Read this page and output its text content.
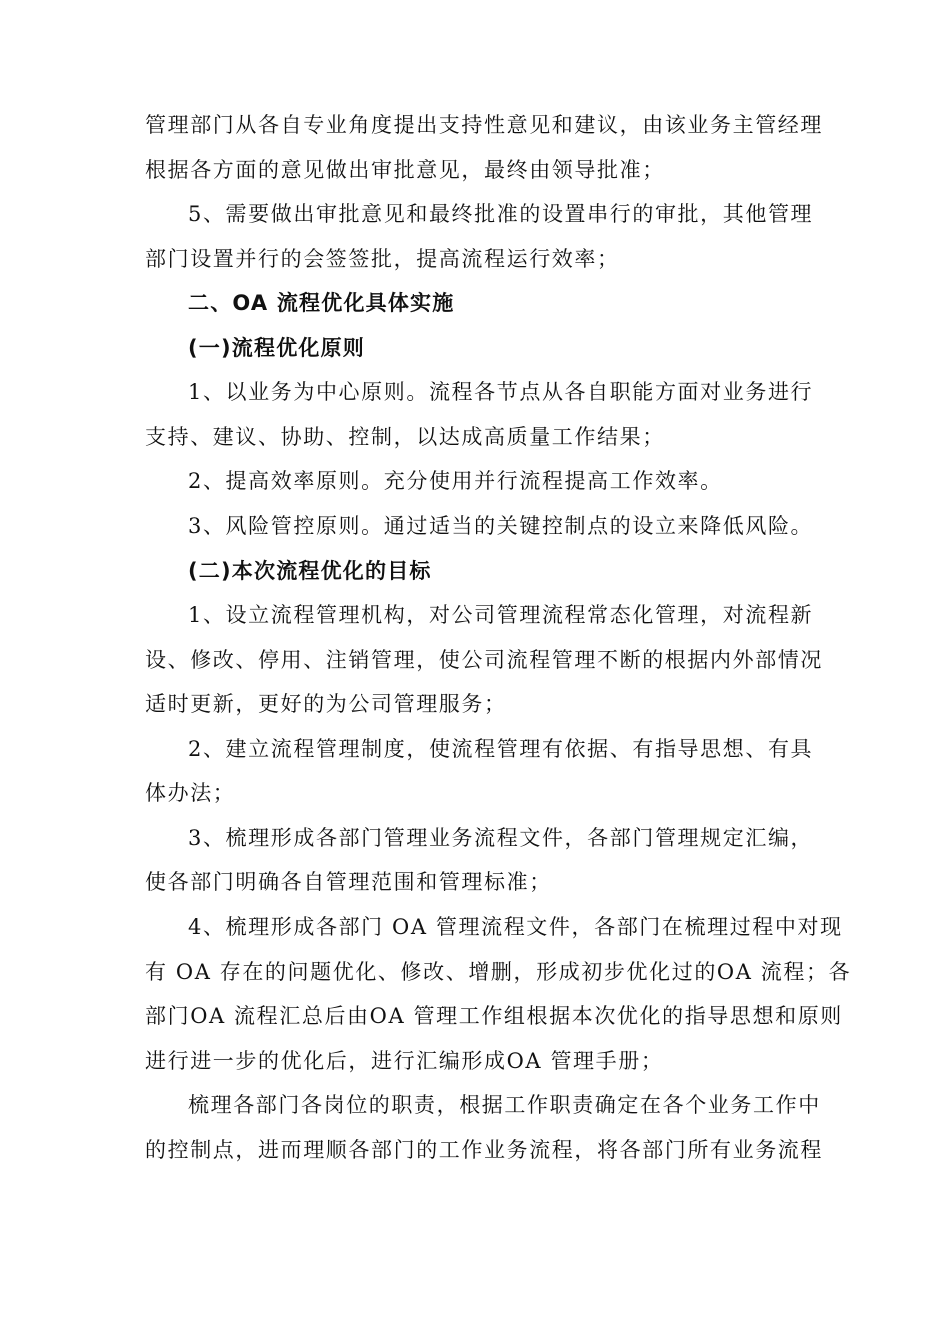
管理部门从各自专业角度提出支持性意见和建议，由该业务主管经理
根据各方面的意见做出审批意见，最终由领导批准；
5、需要做出审批意见和最终批准的设置串行的审批，其他管理
部门设置并行的会签签批，提高流程运行效率；
二、OA 流程优化具体实施
(一)流程优化原则
1、以业务为中心原则。流程各节点从各自职能方面对业务进行
支持、建议、协助、控制，以达成高质量工作结果；
2、提高效率原则。充分使用并行流程提高工作效率。
3、风险管控原则。通过适当的关键控制点的设立来降低风险。
(二)本次流程优化的目标
1、设立流程管理机构，对公司管理流程常态化管理，对流程新
设、修改、停用、注销管理，使公司流程管理不断的根据内外部情况
适时更新，更好的为公司管理服务；
2、建立流程管理制度，使流程管理有依据、有指导思想、有具
体办法；
3、梳理形成各部门管理业务流程文件，各部门管理规定汇编，
使各部门明确各自管理范围和管理标准；
4、梳理形成各部门 OA 管理流程文件，各部门在梳理过程中对现
有 OA 存在的问题优化、修改、增删，形成初步优化过的OA 流程；各
部门OA 流程汇总后由OA 管理工作组根据本次优化的指导思想和原则
进行进一步的优化后，进行汇编形成OA 管理手册；
梳理各部门各岗位的职责，根据工作职责确定在各个业务工作中
的控制点，进而理顺各部门的工作业务流程，将各部门所有业务流程
